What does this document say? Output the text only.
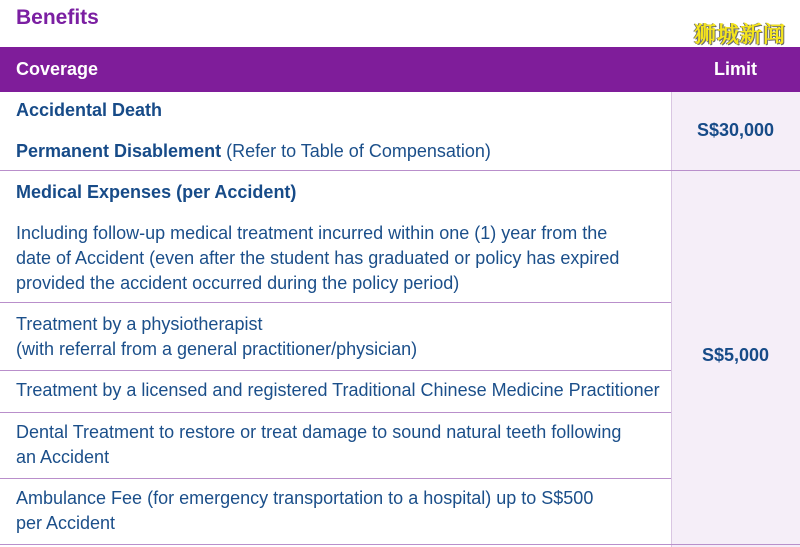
Benefits
狮城新闻
Coverage	Limit
Accidental Death
Permanent Disablement (Refer to Table of Compensation)
S$30,000
Medical Expenses (per Accident)
Including follow-up medical treatment incurred within one (1) year from the
date of Accident (even after the student has graduated or policy has expired
provided the accident occurred during the policy period)
Treatment by a physiotherapist
(with referral from a general practitioner/physician)
Treatment by a licensed and registered Traditional Chinese Medicine Practitioner
Dental Treatment to restore or treat damage to sound natural teeth following
an Accident
Ambulance Fee (for emergency transportation to a hospital) up to S$500
per Accident
S$5,000
